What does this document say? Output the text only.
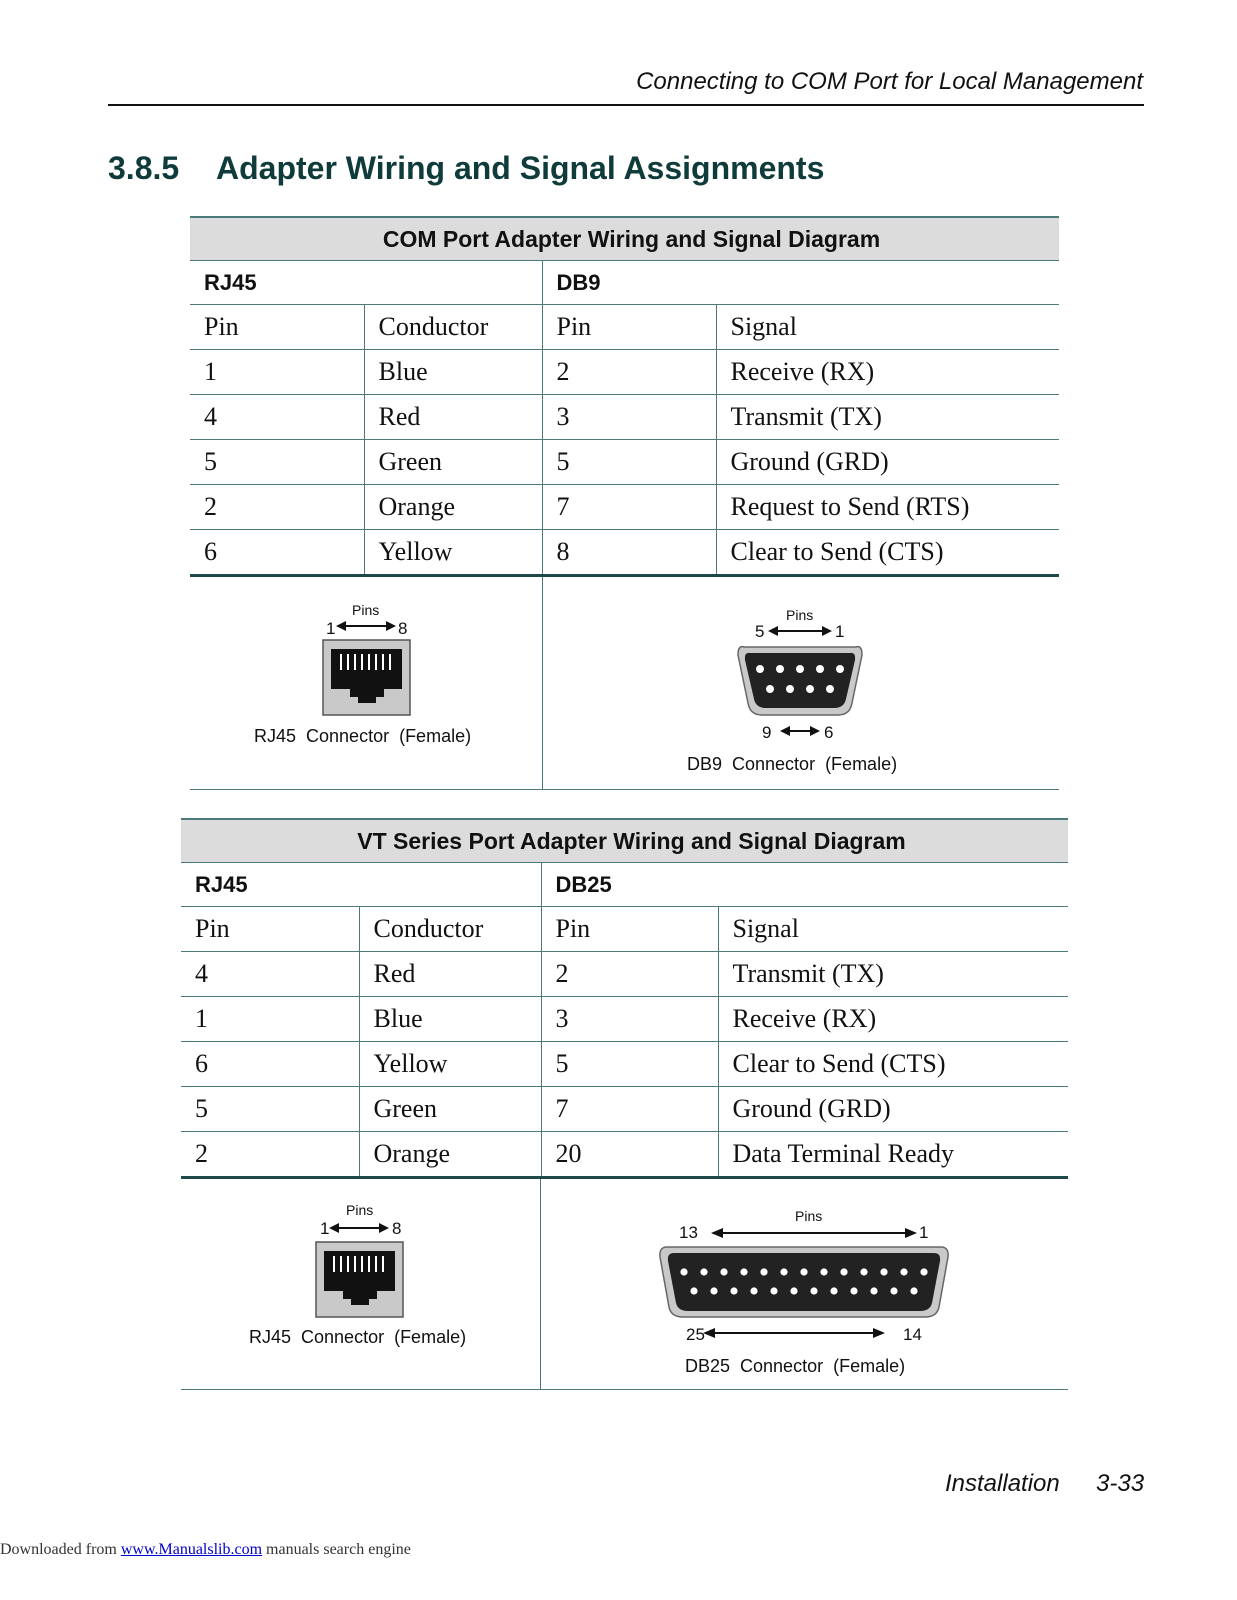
Connecting to COM Port for Local Management
3.8.5 Adapter Wiring and Signal Assignments
COM Port Adapter Wiring and Signal Diagram			
RJ45		DB9	
Pin	Conductor	Pin	Signal
1	Blue	2	Receive (RX)
4	Red	3	Transmit (TX)
5	Green	5	Ground (GRD)
2	Orange	7	Request to Send (RTS)
6	Yellow	8	Clear to Send (CTS)
Pins
1	8
RJ45  Connector  (Female)
Pins
5	1
9	6
DB9  Connector  (Female)
VT Series Port Adapter Wiring and Signal Diagram			
RJ45		DB25	
Pin	Conductor	Pin	Signal
4	Red	2	Transmit (TX)
1	Blue	3	Receive (RX)
6	Yellow	5	Clear to Send (CTS)
5	Green	7	Ground (GRD)
2	Orange	20	Data Terminal Ready
Pins
1	8
RJ45  Connector  (Female)
Pins
13	1
25	14
DB25  Connector  (Female)
Installation 3-33
Downloaded from www.Manualslib.com manuals search engine
